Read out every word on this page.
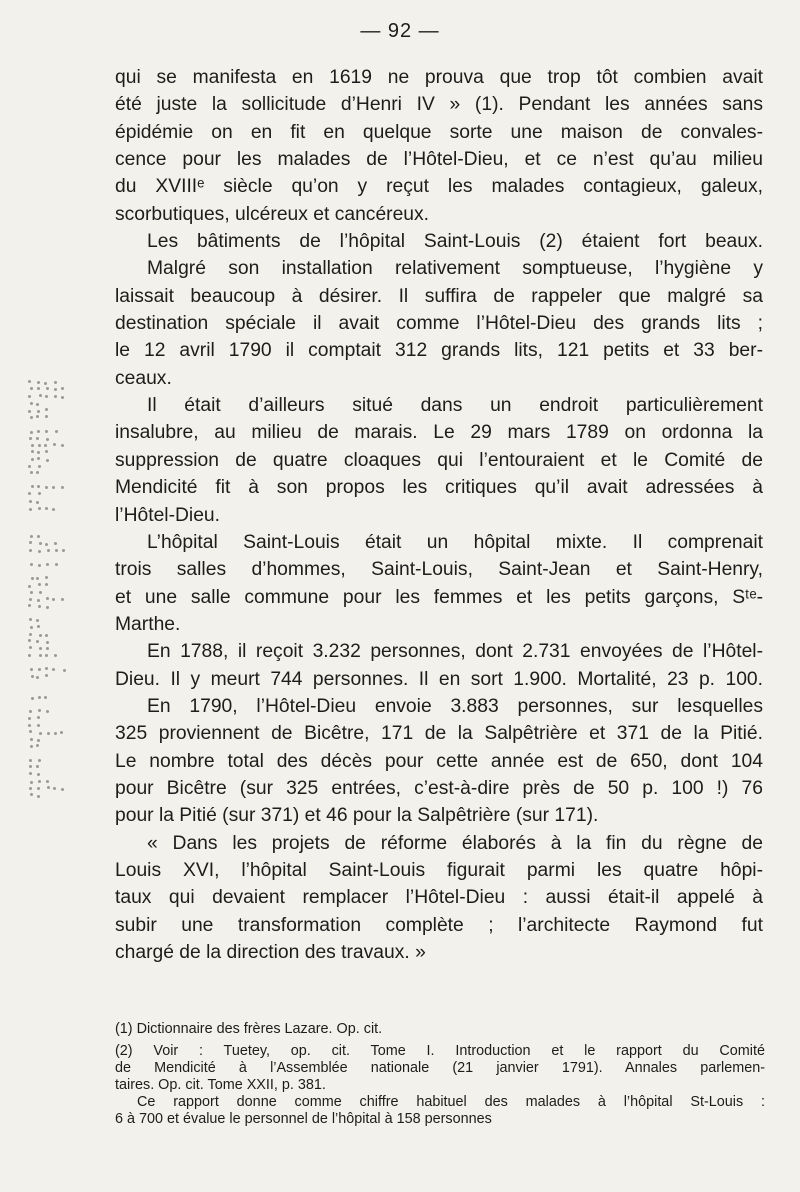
— 92 —
qui se manifesta en 1619 ne prouva que trop tôt combien avait
été juste la sollicitude d’Henri IV » (1). Pendant les années sans
épidémie on en fit en quelque sorte une maison de convales-
cence pour les malades de l’Hôtel-Dieu, et ce n’est qu’au milieu
du XVIIIᵉ siècle qu’on y reçut les malades contagieux, galeux,
scorbutiques, ulcéreux et cancéreux.
Les bâtiments de l’hôpital Saint-Louis (2) étaient fort beaux.
Malgré son installation relativement somptueuse, l’hygiène y
laissait beaucoup à désirer. Il suffira de rappeler que malgré sa
destination spéciale il avait comme l’Hôtel-Dieu des grands lits ;
le 12 avril 1790 il comptait 312 grands lits, 121 petits et 33 ber-
ceaux.
Il était d’ailleurs situé dans un endroit particulièrement
insalubre, au milieu de marais. Le 29 mars 1789 on ordonna la
suppression de quatre cloaques qui l’entouraient et le Comité de
Mendicité fit à son propos les critiques qu’il avait adressées à
l’Hôtel-Dieu.
L’hôpital Saint-Louis était un hôpital mixte. Il comprenait
trois salles d’hommes, Saint-Louis, Saint-Jean et Saint-Henry,
et une salle commune pour les femmes et les petits garçons, Sᵗᵉ-
Marthe.
En 1788, il reçoit 3.232 personnes, dont 2.731 envoyées de l’Hôtel-
Dieu. Il y meurt 744 personnes. Il en sort 1.900. Mortalité, 23 p. 100.
En 1790, l’Hôtel-Dieu envoie 3.883 personnes, sur lesquelles
325 proviennent de Bicêtre, 171 de la Salpêtrière et 371 de la Pitié.
Le nombre total des décès pour cette année est de 650, dont 104
pour Bicêtre (sur 325 entrées, c’est-à-dire près de 50 p. 100 !) 76
pour la Pitié (sur 371) et 46 pour la Salpêtrière (sur 171).
« Dans les projets de réforme élaborés à la fin du règne de
Louis XVI, l’hôpital Saint-Louis figurait parmi les quatre hôpi-
taux qui devaient remplacer l’Hôtel-Dieu : aussi était-il appelé à
subir une transformation complète ; l’architecte Raymond fut
chargé de la direction des travaux. »
(1) Dictionnaire des frères Lazare. Op. cit.
(2) Voir : Tuetey, op. cit. Tome I. Introduction et le rapport du Comité
de Mendicité à l’Assemblée nationale (21 janvier 1791). Annales parlemen-
taires. Op. cit. Tome XXII, p. 381.
Ce rapport donne comme chiffre habituel des malades à l’hôpital St-Louis :
6 à 700 et évalue le personnel de l’hôpital à 158 personnes
